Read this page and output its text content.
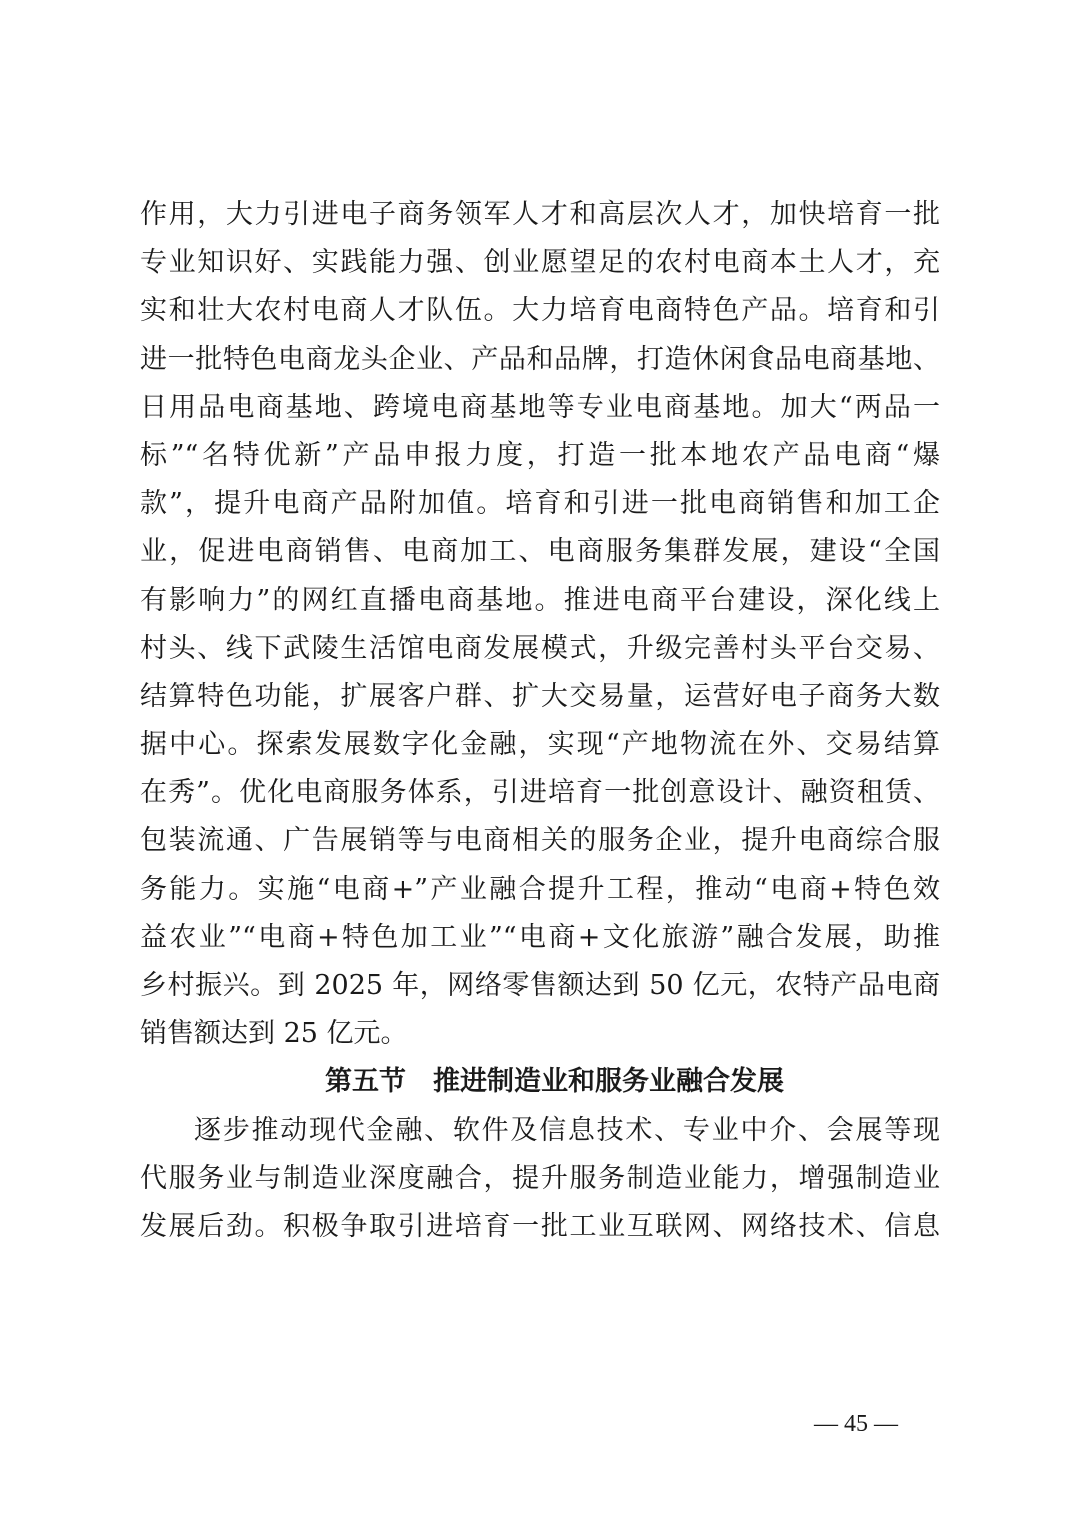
作用，大力引进电子商务领军人才和高层次人才，加快培育一批
专业知识好、实践能力强、创业愿望足的农村电商本土人才，充
实和壮大农村电商人才队伍。大力培育电商特色产品。培育和引
进一批特色电商龙头企业、产品和品牌，打造休闲食品电商基地、
日用品电商基地、跨境电商基地等专业电商基地。加大“两品一
标”“名特优新”产品申报力度，打造一批本地农产品电商“爆
款”，提升电商产品附加值。培育和引进一批电商销售和加工企
业，促进电商销售、电商加工、电商服务集群发展，建设“全国
有影响力”的网红直播电商基地。推进电商平台建设，深化线上
村头、线下武陵生活馆电商发展模式，升级完善村头平台交易、
结算特色功能，扩展客户群、扩大交易量，运营好电子商务大数
据中心。探索发展数字化金融，实现“产地物流在外、交易结算
在秀”。优化电商服务体系，引进培育一批创意设计、融资租赁、
包装流通、广告展销等与电商相关的服务企业，提升电商综合服
务能力。实施“电商+”产业融合提升工程，推动“电商+特色效
益农业”“电商+特色加工业”“电商+文化旅游”融合发展，助推
乡村振兴。到 2025 年，网络零售额达到 50 亿元，农特产品电商
销售额达到 25 亿元。
第五节 推进制造业和服务业融合发展
逐步推动现代金融、软件及信息技术、专业中介、会展等现
代服务业与制造业深度融合，提升服务制造业能力，增强制造业
发展后劲。积极争取引进培育一批工业互联网、网络技术、信息
— 45 —
